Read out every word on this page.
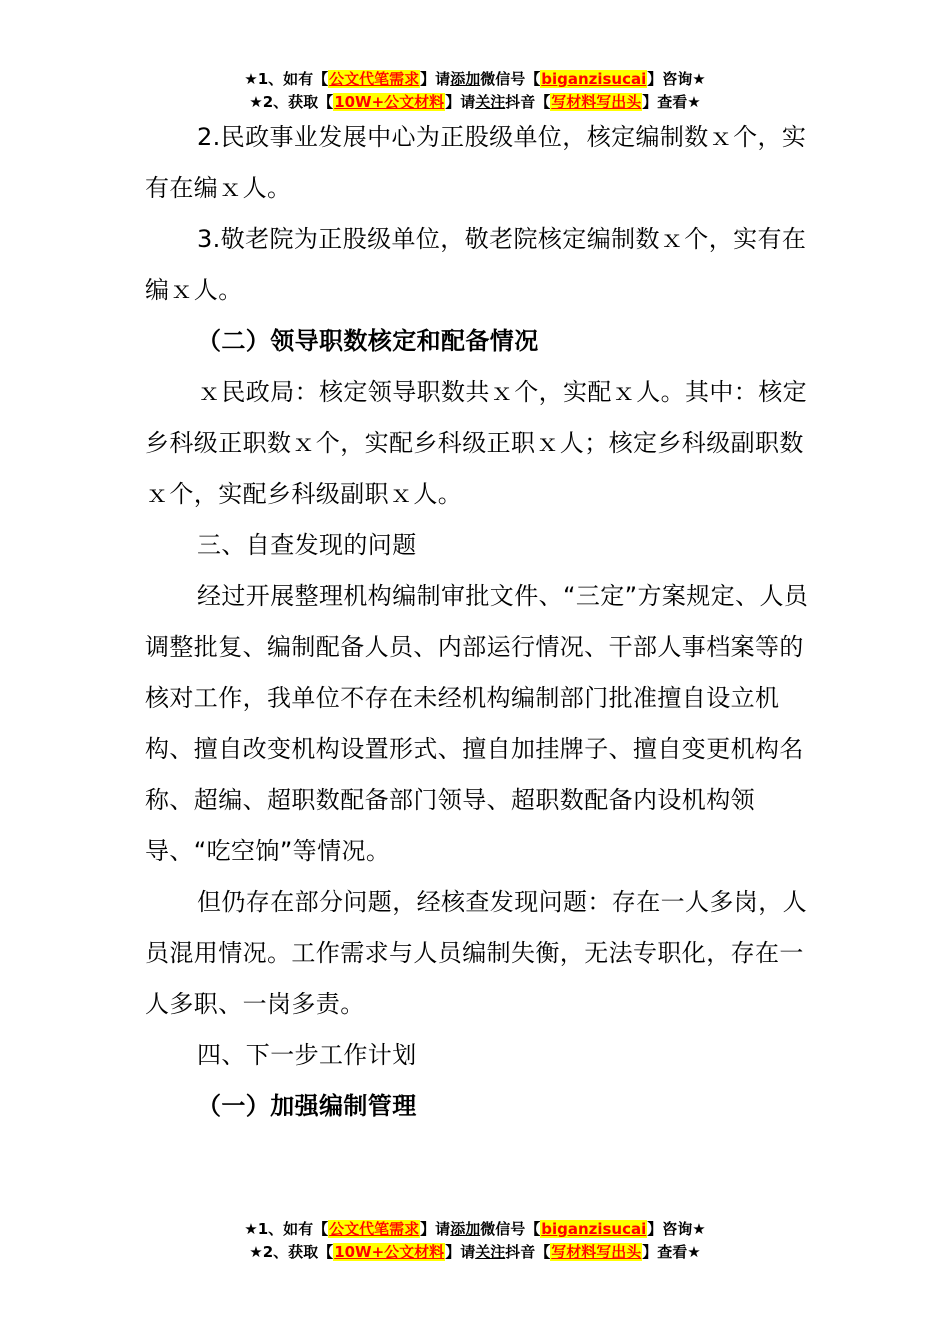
★1、如有【公文代笔需求】请添加微信号【biganzisucai】咨询★
★2、获取【10W+公文材料】请关注抖音【写材料写出头】查看★

2.民政事业发展中心为正股级单位，核定编制数ｘ个，实有在编ｘ人。

3.敬老院为正股级单位，敬老院核定编制数ｘ个，实有在编ｘ人。

（二）领导职数核定和配备情况

ｘ民政局：核定领导职数共ｘ个，实配ｘ人。其中：核定乡科级正职数ｘ个，实配乡科级正职ｘ人；核定乡科级副职数ｘ个，实配乡科级副职ｘ人。

三、自查发现的问题

经过开展整理机构编制审批文件、“三定”方案规定、人员调整批复、编制配备人员、内部运行情况、干部人事档案等的核对工作，我单位不存在未经机构编制部门批准擅自设立机构、擅自改变机构设置形式、擅自加挂牌子、擅自变更机构名称、超编、超职数配备部门领导、超职数配备内设机构领导、“吃空饷”等情况。

但仍存在部分问题，经核查发现问题：存在一人多岗，人员混用情况。工作需求与人员编制失衡，无法专职化，存在一人多职、一岗多责。

四、下一步工作计划

（一）加强编制管理

★1、如有【公文代笔需求】请添加微信号【biganzisucai】咨询★
★2、获取【10W+公文材料】请关注抖音【写材料写出头】查看★
